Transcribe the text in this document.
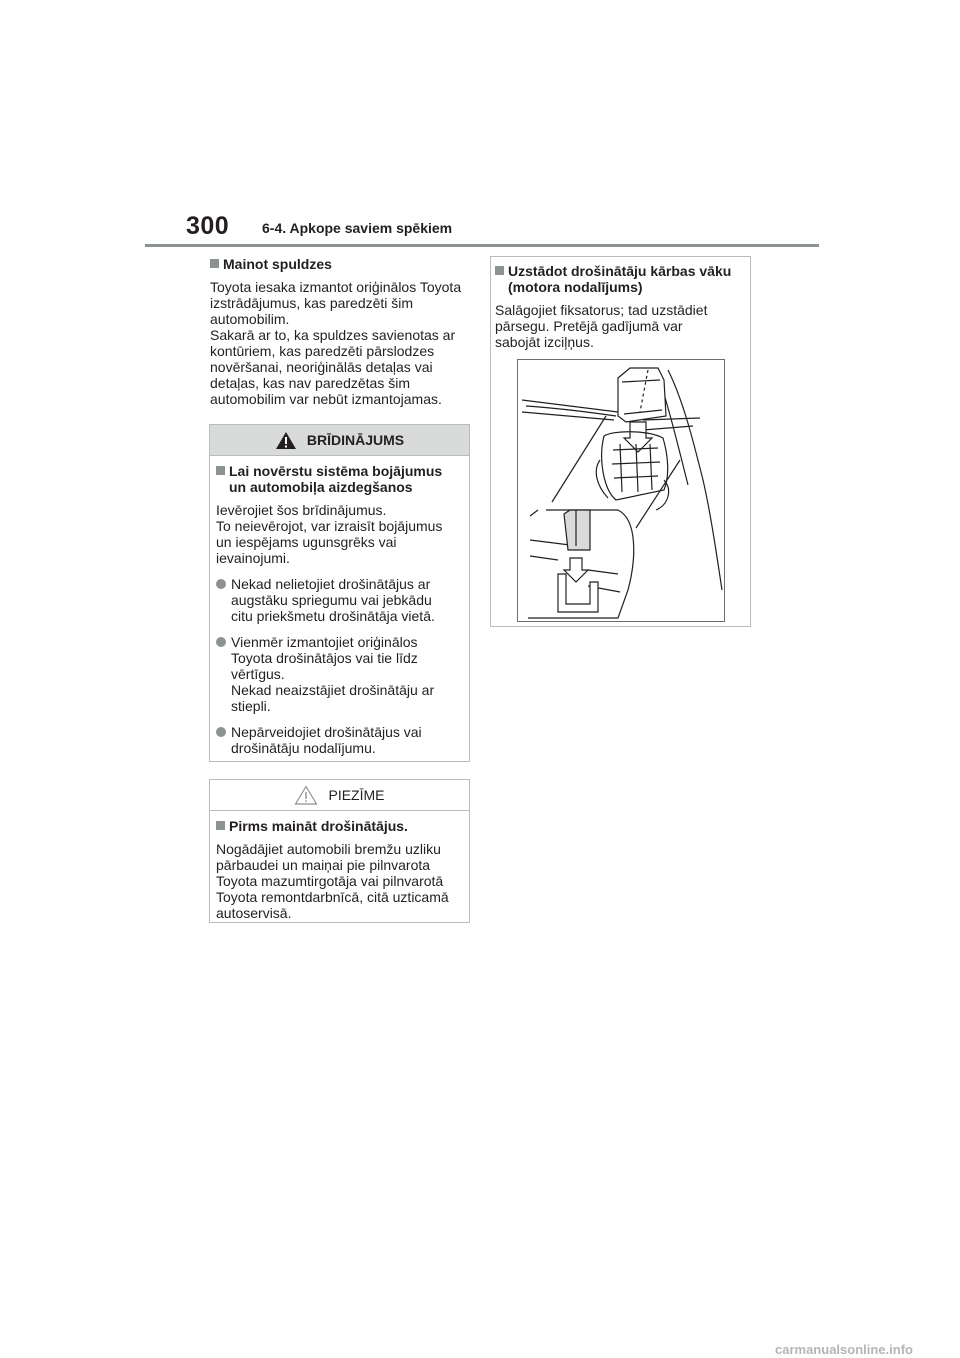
300 6-4. Apkope saviem spēkiem
Mainot spuldzes
Toyota iesaka izmantot oriģinālos Toyota
izstrādājumus, kas paredzēti šim
automobilim.
Sakarā ar to, ka spuldzes savienotas ar
kontūriem, kas paredzēti pārslodzes
novēršanai, neoriģinālās detaļas vai
detaļas, kas nav paredzētas šim
automobilim var nebūt izmantojamas.
BRĪDINĀJUMS
Lai novērstu sistēma bojājumus un automobiļa aizdegšanos
Ievērojiet šos brīdinājumus.
To neievērojot, var izraisīt bojājumus
un iespējams ugunsgrēks vai
ievainojumi.
Nekad nelietojiet drošinātājus ar
augstāku spriegumu vai jebkādu
citu priekšmetu drošinātāja vietā.
Vienmēr izmantojiet oriģinālos
Toyota drošinātājos vai tie līdz
vērtīgus.
Nekad neaizstājiet drošinātāju ar
stiepli.
Nepārveidojiet drošinātājus vai
drošinātāju nodalījumu.
PIEZĪME
Pirms maināt drošinātājus.
Nogādājiet automobili bremžu uzliku
pārbaudei un maiņai pie pilnvarota
Toyota mazumtirgotāja vai pilnvarotā
Toyota remontdarbnīcā, citā uzticamā
autoservisā.
Uzstādot drošinātāju kārbas vāku (motora nodalījums)
Salāgojiet fiksatorus; tad uzstādiet
pārsegu. Pretējā gadījumā var
sabojāt izciļņus.
carmanualsonline.info
